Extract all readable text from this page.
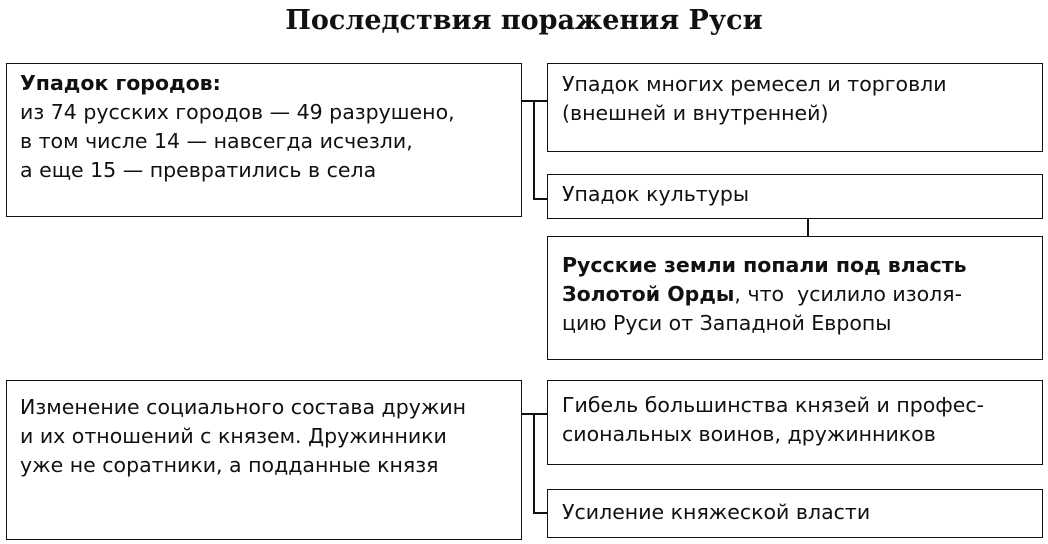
Последствия поражения Руси
Упадок городов:
из 74 русских городов — 49 разрушено,
в том числе 14 — навсегда исчезли,
а еще 15 — превратились в села
Упадок многих ремесел и торговли
(внешней и внутренней)
Упадок культуры
Русские земли попали под власть
Золотой Орды, что  усилило изоля-
цию Руси от Западной Европы
Изменение социального состава дружин
и их отношений с князем. Дружинники
уже не соратники, а подданные князя
Гибель большинства князей и профес-
сиональных воинов, дружинников
Усиление княжеской власти
